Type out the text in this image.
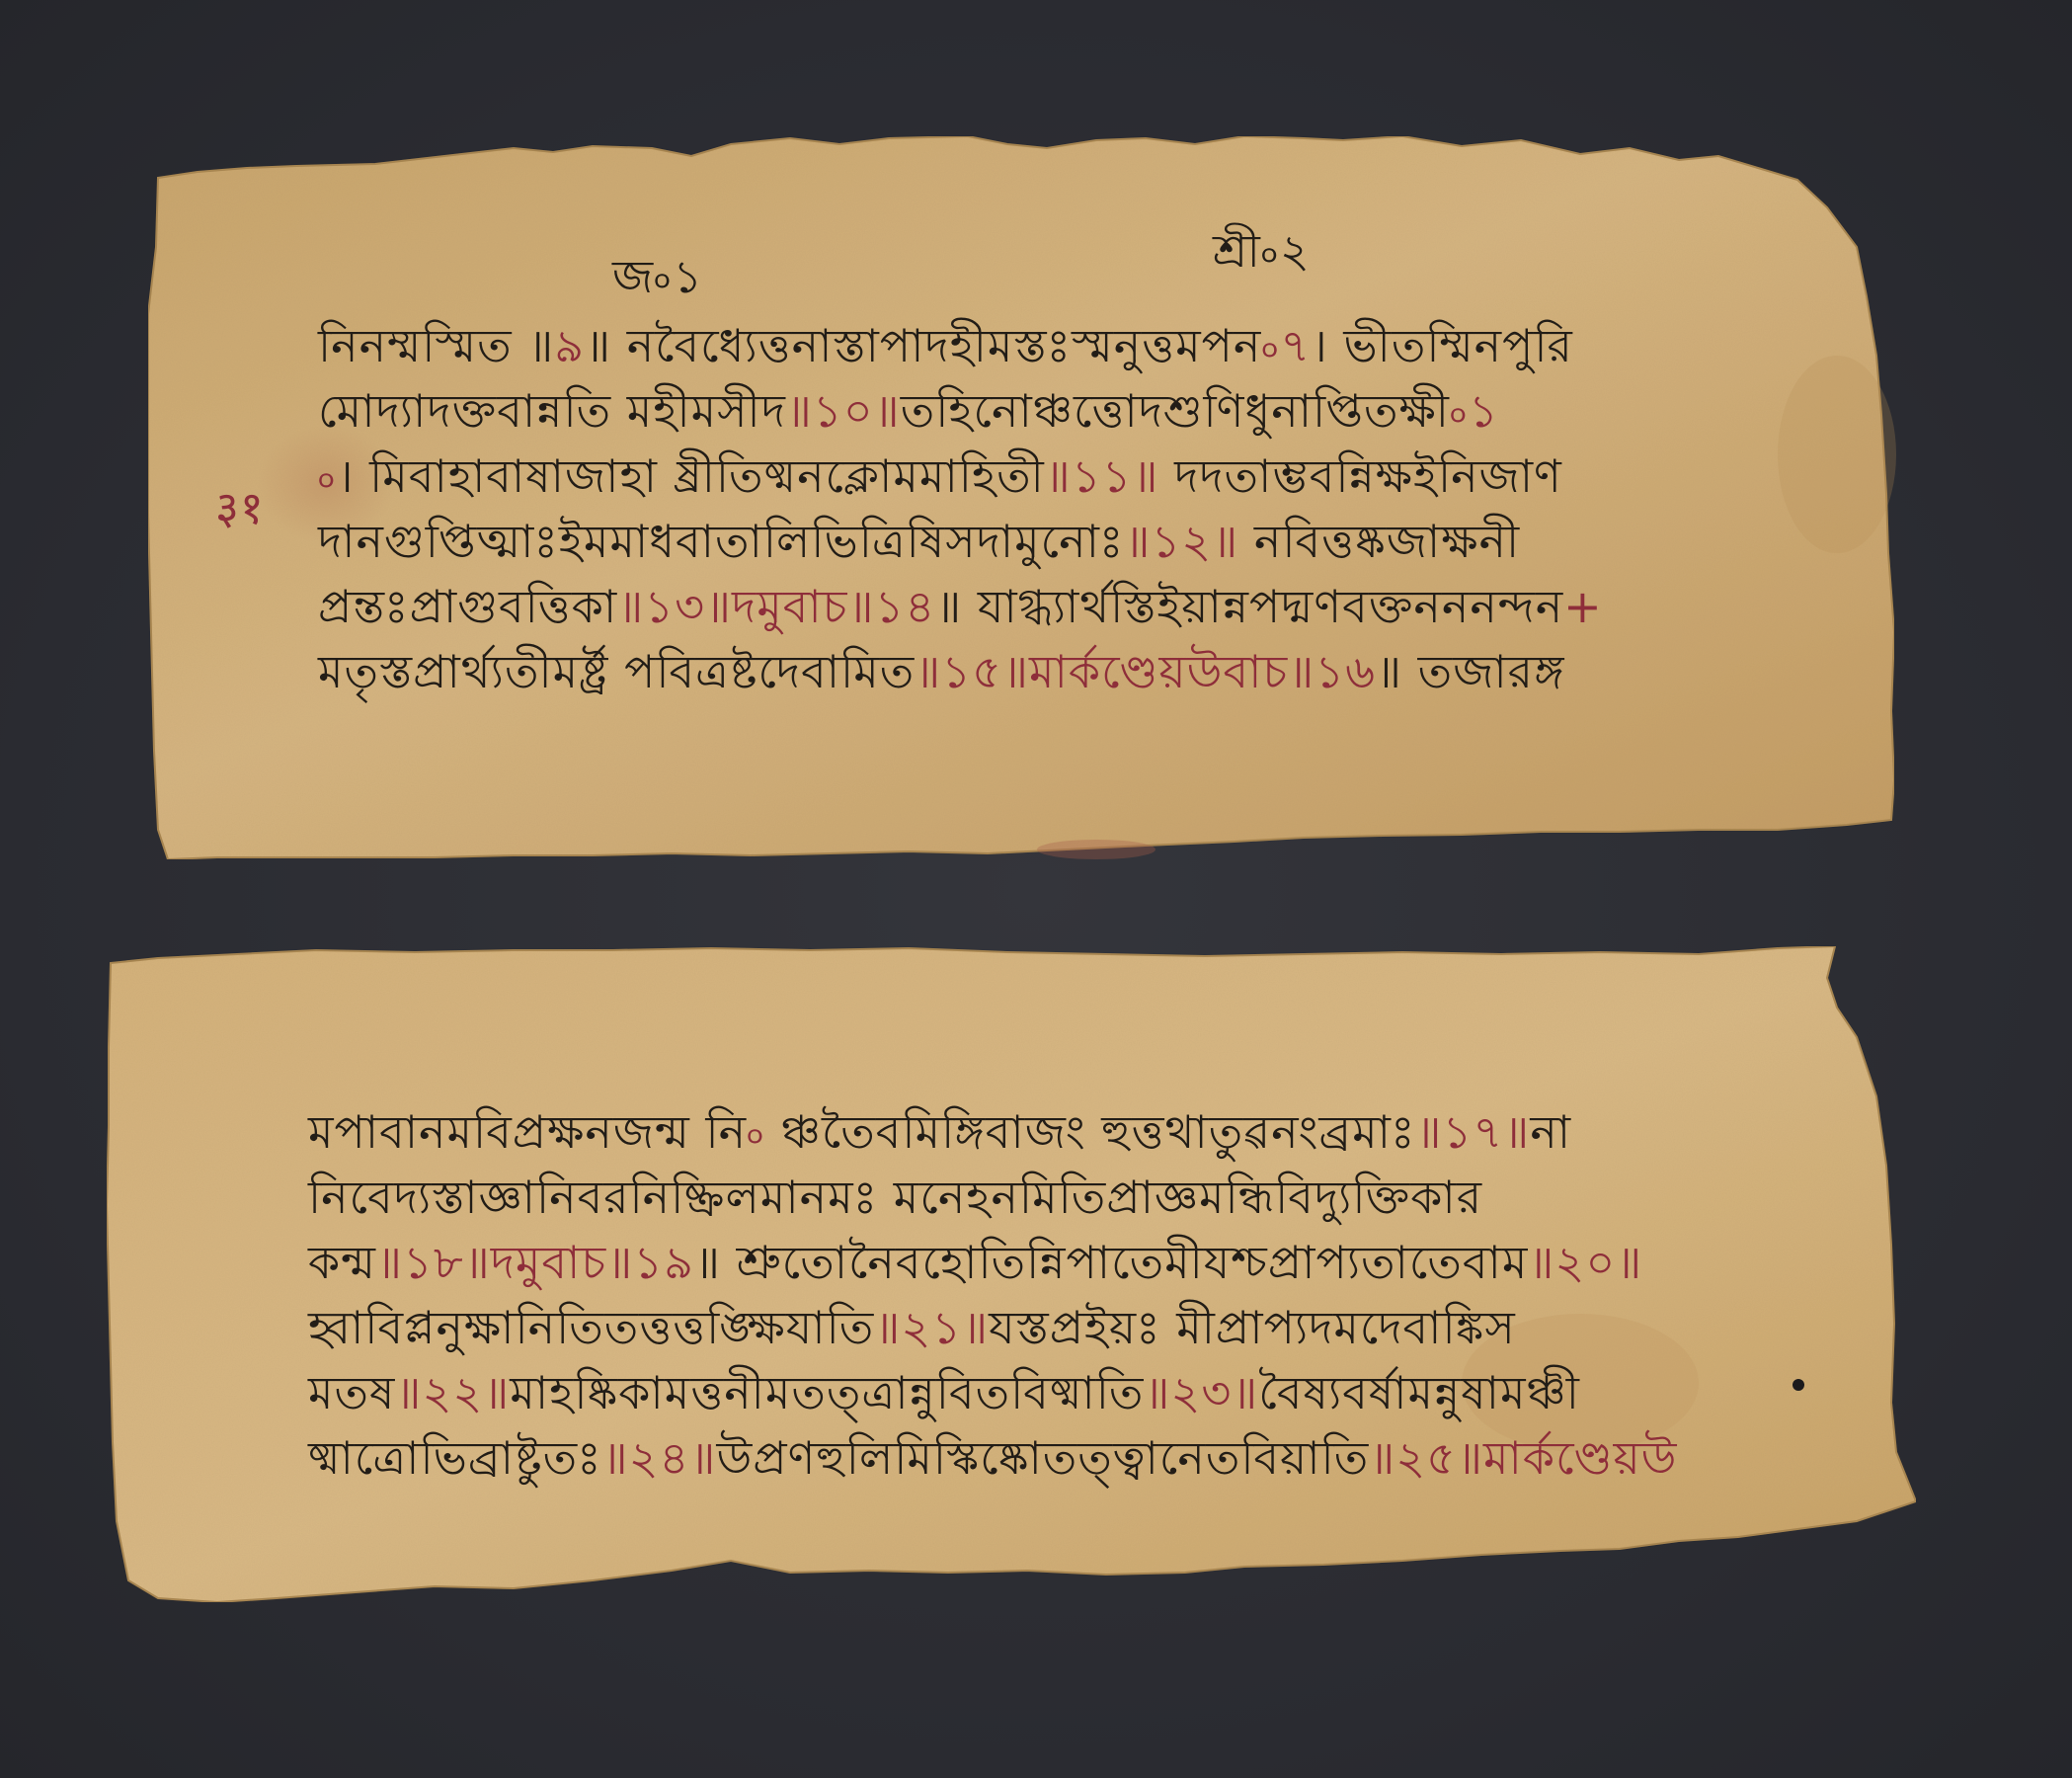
३१
জ৹১	শ্রী৹২
নিনম্মস্মিত ॥৯॥ নবৈধ্যেত্তনাস্তাপাদহীমস্তঃস্মনুত্তমপন৹৭। ভীতম্মিনপুরি
মোদ্যাদক্তবান্নতি মহীমসীদ॥১০॥তহিনোঞ্চত্তোদশুণিধুনাপ্তিতক্ষী৹১
৹। মিবাহাবাষাজাহা ষ্রীতিষ্মনক্লোমমাহিতী॥১১॥ দদতাম্ভবন্নিক্ষইনিজাণ
দানগুপ্তিত্মাঃইমমাধবাতালিভিত্রিষিসদামুনোঃ॥১২॥ নবিত্তষ্কজাক্ষনী
প্রন্তঃপ্রাগুবত্তিকা॥১৩॥দমুবাচ॥১৪॥ যাগ্ধ্যাৰ্থস্তিইয়ান্নপদ্মণবক্তনননন্দন+
মতৃস্তপ্রার্থ্যতীমৰ্ষ্ট্র পবিত্রষ্টদেবামিত॥১৫॥মার্কণ্ডেয়উবাচ॥১৬॥ তজারঙ্গ
মপাবানমবিপ্রক্ষনজন্ম নি৹ ঞ্চতৈবমিঙ্গিবাজং হুত্তথাতুৱনংব্রমাঃ॥১৭॥না
নিবেদ্যস্তাজ্ঞানিবরনিষ্ক্রিলমানমঃ মনেহনমিতিপ্রাজ্ঞমন্ধিবিদ্যুক্তিকার
কন্ম॥১৮॥দমুবাচ॥১৯॥ শ্রুতোনৈবহোতিন্নিপাতেমীযশ্চপ্রাপ্যতাতেবাম॥২০॥
হ্বাবিপ্লনুক্ষানিতিতত্তত্তঙ্ক্ষিযাতি॥২১॥যস্তপ্রইয়ঃ মীপ্রাপ্যদমদেবাঙ্কিস
মতষ॥২২॥মাহষ্কিকামত্তনীমতত্ত্রান্নুবিতবিষ্মাতি॥২৩॥বৈষ্যবর্ষামন্নুষামঞ্চী
ষ্মাত্রোভিব্রাষ্টুতঃ॥২৪॥উপ্রণহুলিমিস্কিষ্কোতত্ত্বানেতবিয়াতি॥২৫॥মার্কণ্ডেয়উ
